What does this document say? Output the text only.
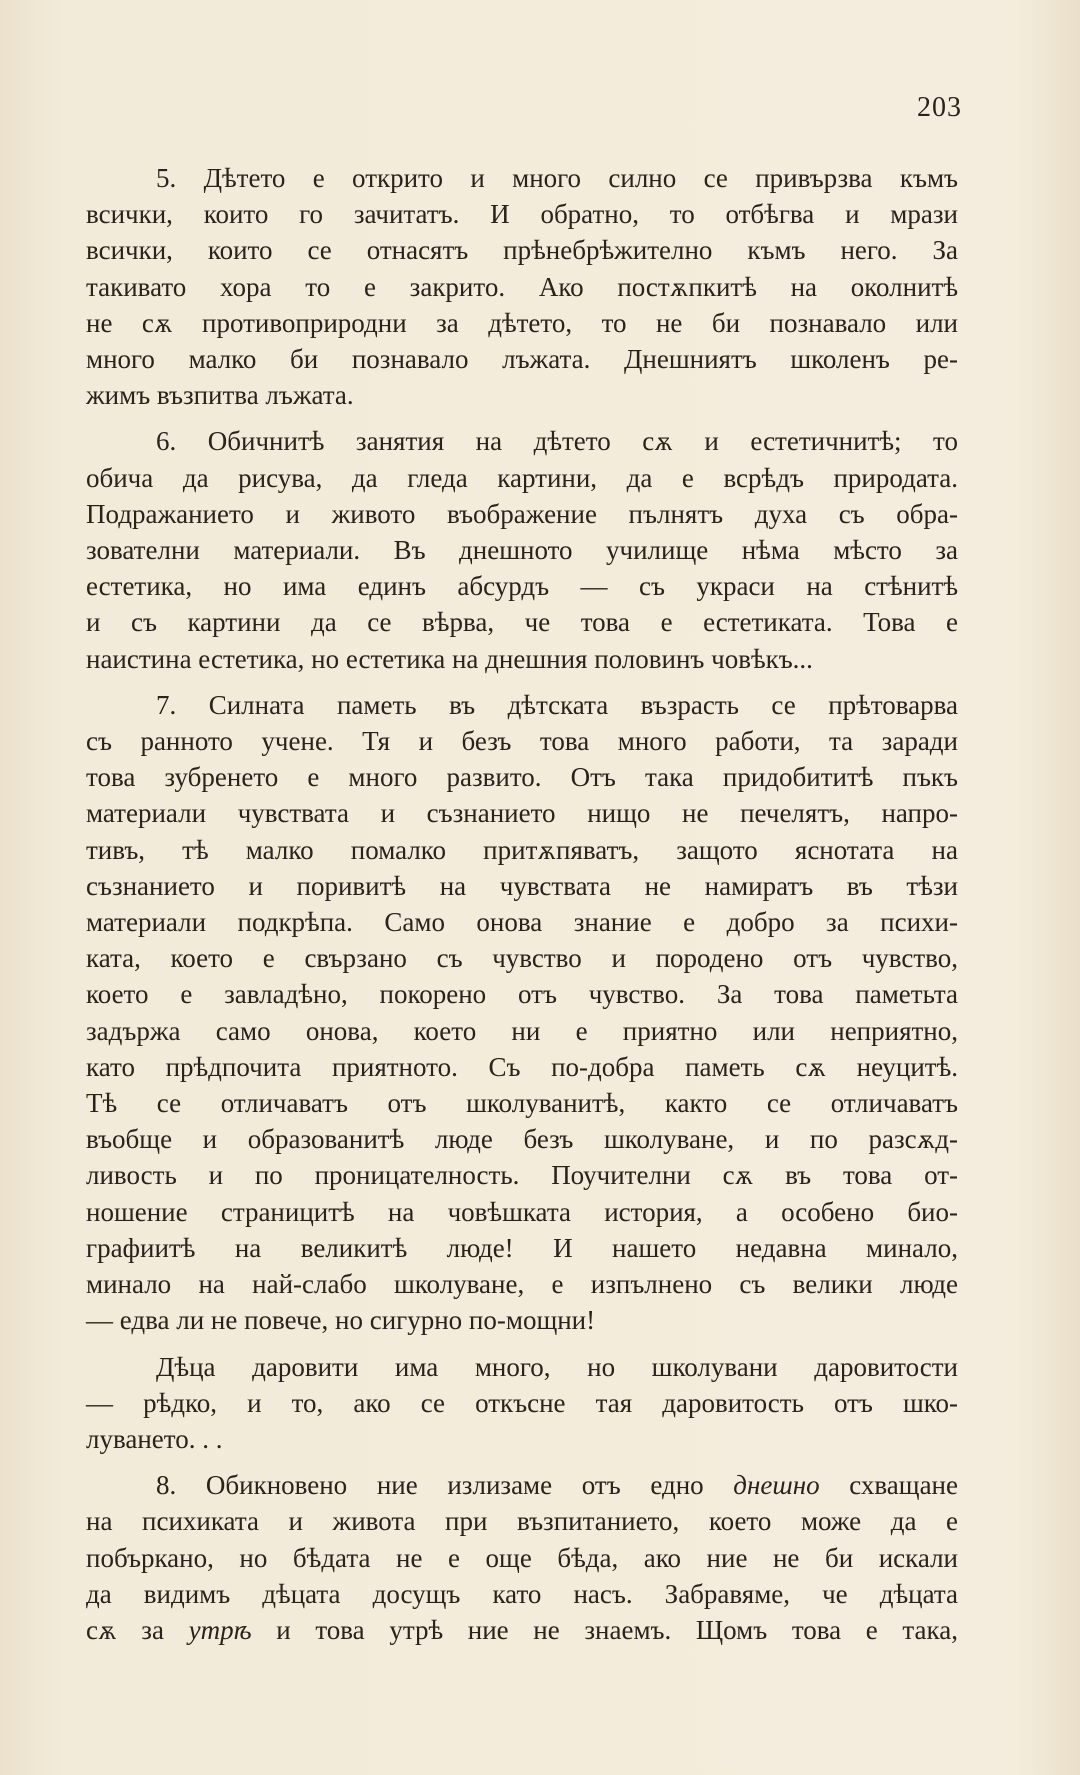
203

5. Дѣтето е открито и много силно се привързва къмъ
всички, които го зачитатъ. И обратно, то отбѣгва и мрази
всички, които се отнасятъ прѣнебрѣжително къмъ него. За
такивато хора то е закрито. Ако постѫпкитѣ на околнитѣ
не сѫ противоприродни за дѣтето, то не би познавало или
много малко би познавало лъжата. Днешниятъ школенъ ре-
жимъ възпитва лъжата.

6. Обичнитѣ занятия на дѣтето сѫ и естетичнитѣ; то
обича да рисува, да гледа картини, да е всрѣдъ природата.
Подражанието и живото въображение пълнятъ духа съ обра-
зователни материали. Въ днешното училище нѣма мѣсто за
естетика, но има единъ абсурдъ — съ украси на стѣнитѣ
и съ картини да се вѣрва, че това е естетиката. Това е
наистина естетика, но естетика на днешния половинъ човѣкъ...

7. Силната паметь въ дѣтската възрасть се прѣтоварва
съ ранното учене. Тя и безъ това много работи, та заради
това зубренето е много развито. Отъ така придобититѣ пъкъ
материали чувствата и съзнанието нищо не печелятъ, напро-
тивъ, тѣ малко помалко притѫпяватъ, защото яснотата на
съзнанието и поривитѣ на чувствата не намиратъ въ тѣзи
материали подкрѣпа. Само онова знание е добро за психи-
ката, което е свързано съ чувство и породено отъ чувство,
което е завладѣно, покорено отъ чувство. За това паметьта
задържа само онова, което ни е приятно или неприятно,
като прѣдпочита приятното. Съ по-добра паметь сѫ неуцитѣ.
Тѣ се отличаватъ отъ школуванитѣ, както се отличаватъ
въобще и образованитѣ люде безъ школуване, и по разсѫд-
ливость и по проницателность. Поучителни сѫ въ това от-
ношение страницитѣ на човѣшката история, а особено био-
графиитѣ на великитѣ люде! И нашето недавна минало,
минало на най-слабо школуване, е изпълнено съ велики люде
— едва ли не повече, но сигурно по-мощни!

Дѣца даровити има много, но школувани даровитости
— рѣдко, и то, ако се откъсне тая даровитость отъ шко-
луването. . .

8. Обикновено ние излизаме отъ едно днешно схващане
на психиката и живота при възпитанието, което може да е
побъркано, но бѣдата не е още бѣда, ако ние не би искали
да видимъ дѣцата досущъ като насъ. Забравяме, че дѣцата
сѫ за утрѣ и това утрѣ ние не знаемъ. Щомъ това е така,
